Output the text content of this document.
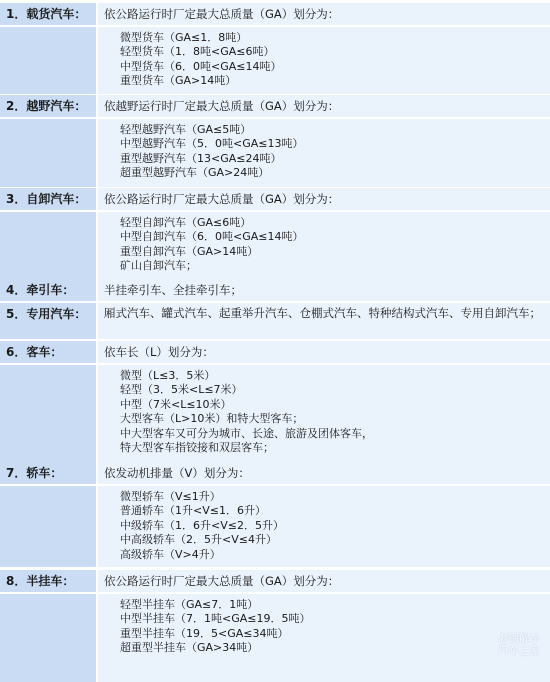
1．载货汽车：	依公路运行时厂定最大总质量（GA）划分为：
微型货车（GA≤1．8吨）
轻型货车（1．8吨<GA≤6吨）
中型货车（6．0吨<GA≤14吨）
重型货车（GA>14吨）
2．越野汽车：	依越野运行时厂定最大总质量（GA）划分为：
轻型越野汽车（GA≤5吨）
中型越野汽车（5．0吨<GA≤13吨）
重型越野汽车（13<GA≤24吨）
超重型越野汽车（GA>24吨）
3．自卸汽车：	依公路运行时厂定最大总质量（GA）划分为：
轻型自卸汽车（GA≤6吨）
中型自卸汽车（6．0吨<GA≤14吨）
重型自卸汽车（GA>14吨）
矿山自卸汽车；
4．牵引车：	半挂牵引车、全挂牵引车；
5．专用汽车：	厢式汽车、罐式汽车、起重举升汽车、仓棚式汽车、特种结构式汽车、专用自卸汽车；
6．客车：	依车长（L）划分为：
微型（L≤3．5米）
轻型（3．5米<L≤7米）
中型（7米<L≤10米）
大型客车（L>10米）和特大型客车；
中大型客车又可分为城市、长途、旅游及团体客车，
特大型客车指铰接和双层客车；
7．轿车：	依发动机排量（V）划分为：
微型轿车（V≤1升）
普通轿车（1升<V≤1．6升）
中级轿车（1．6升<V≤2．5升）
中高级轿车（2．5升<V≤4升）
高级轿车（V>4升）
8．半挂车：	依公路运行时厂定最大总质量（GA）划分为：
轻型半挂车（GA≤7．1吨）
中型半挂车（7．1吨<GA≤19．5吨）
重型半挂车（19．5<GA≤34吨）
超重型半挂车（GA>34吨）
老锅解车
汽车之家
